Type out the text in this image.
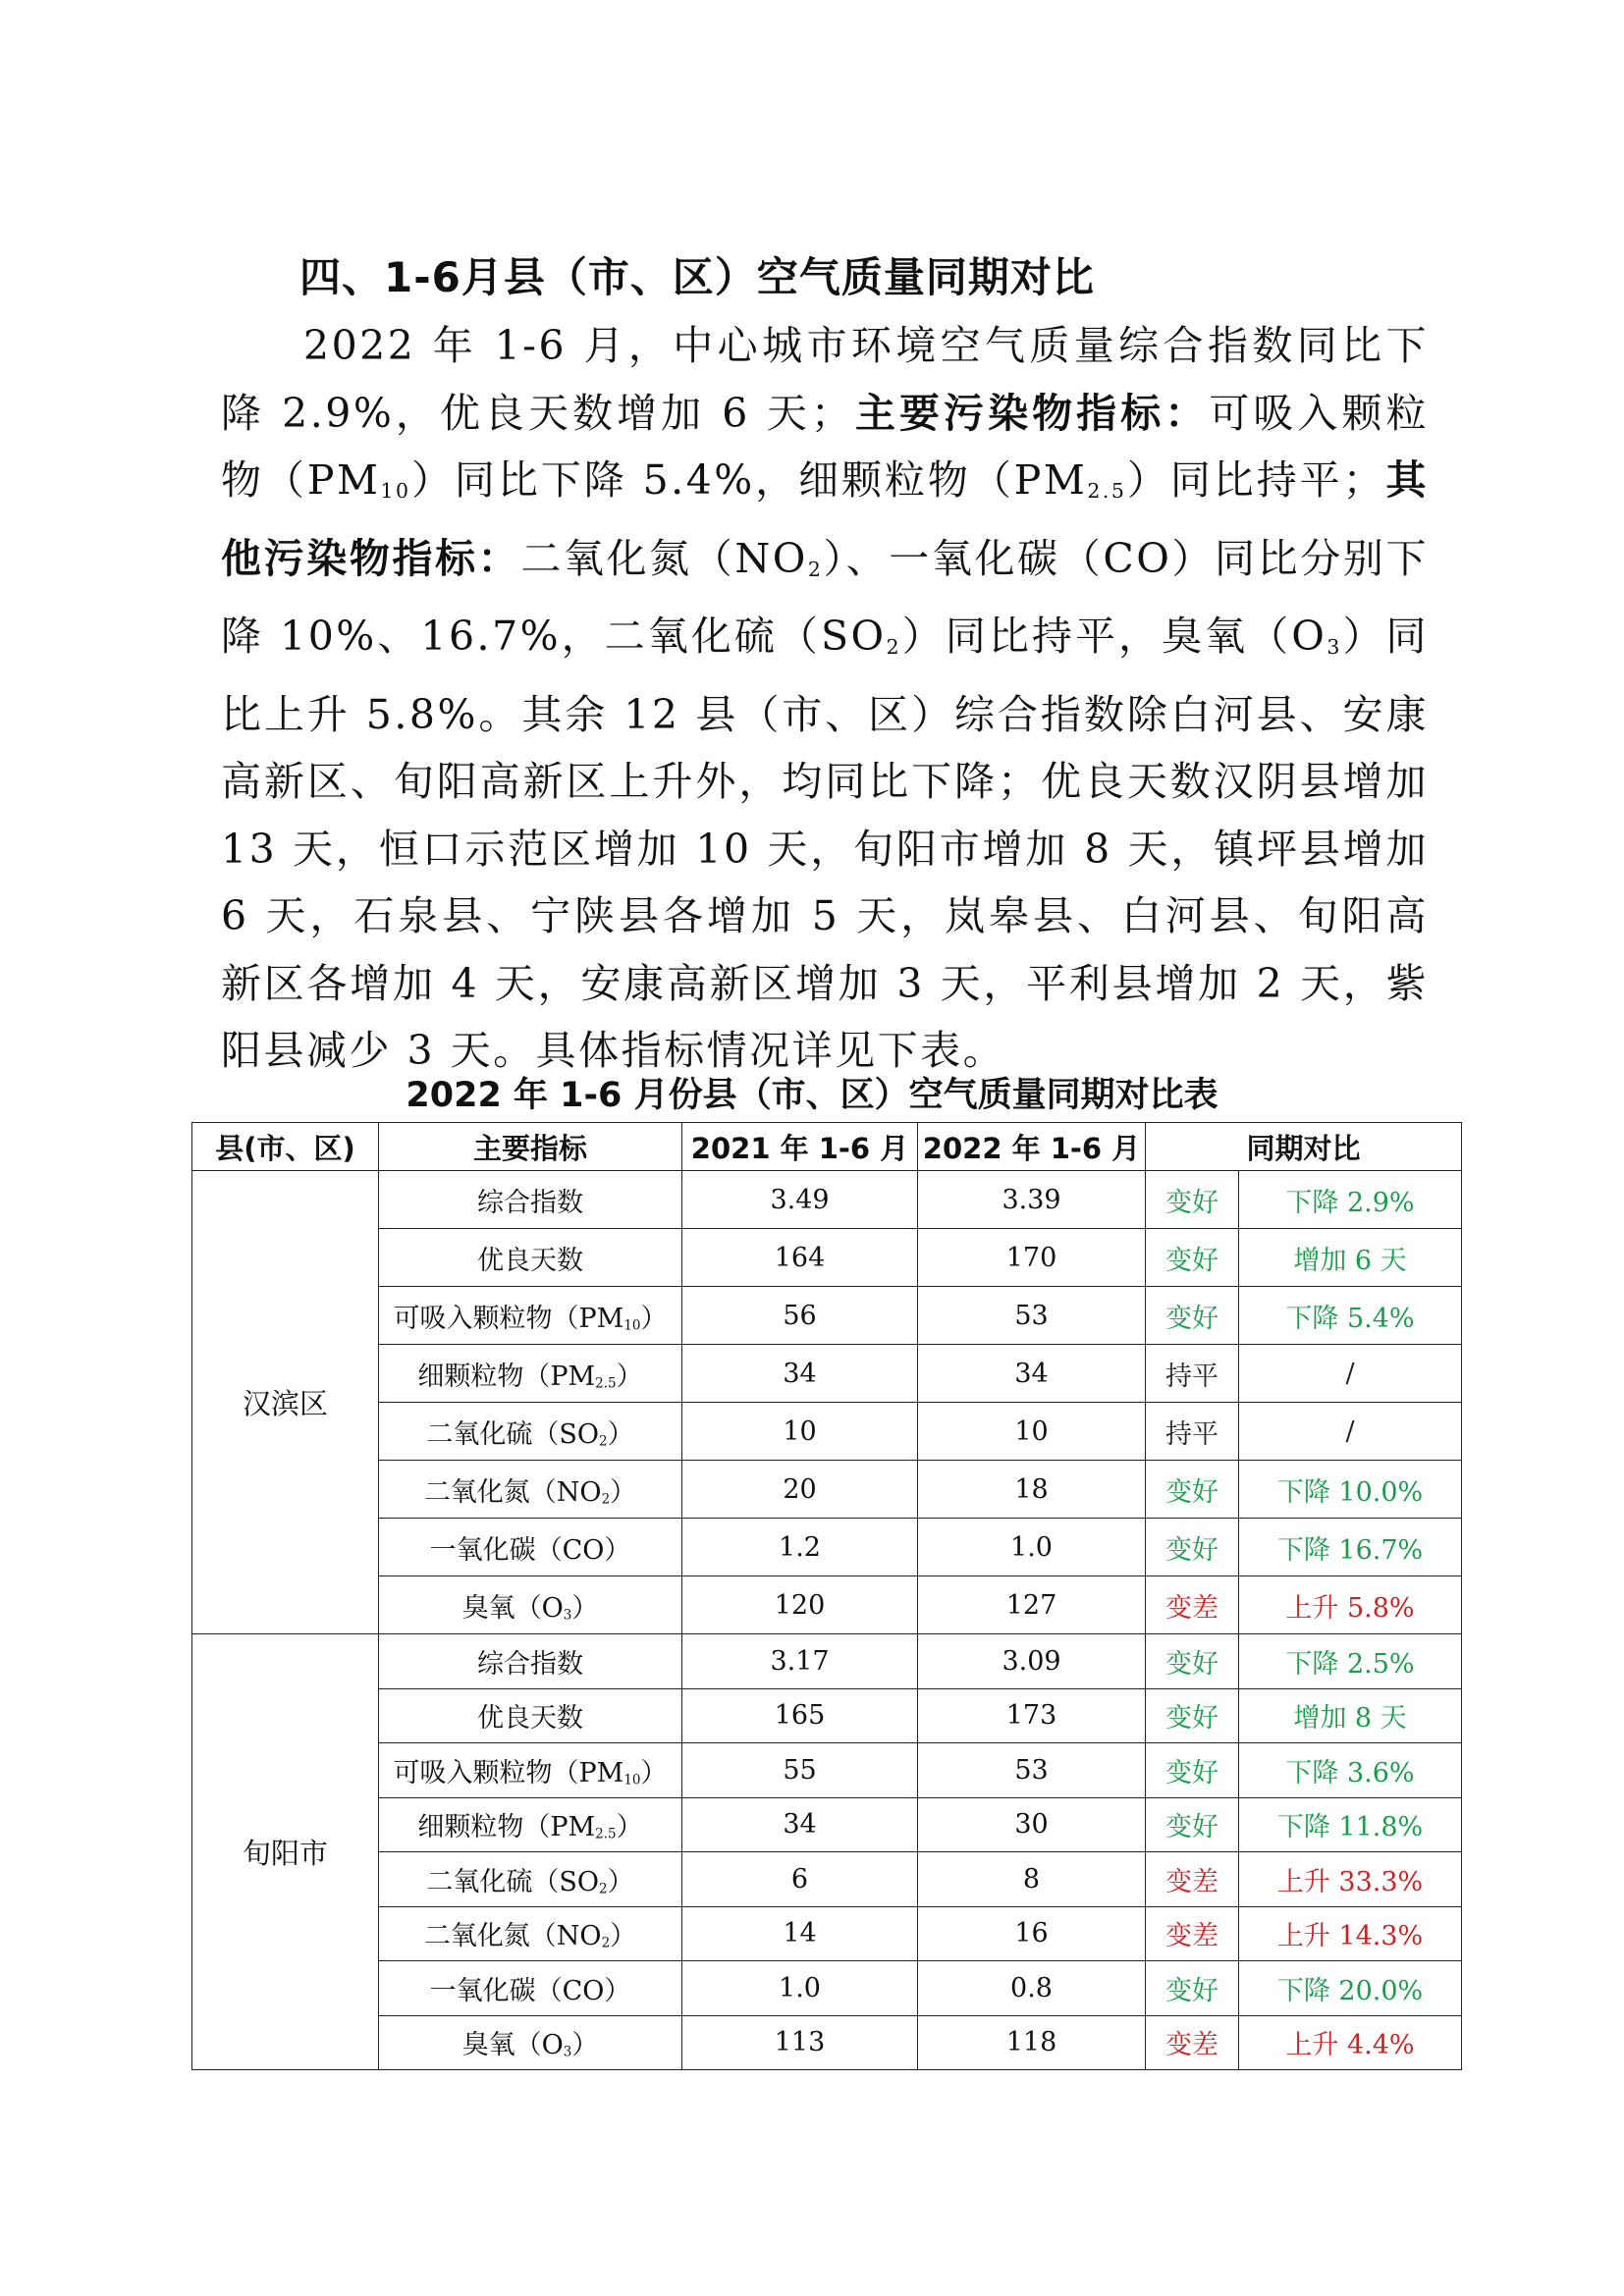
四、1-6月县（市、区）空气质量同期对比

2022 年 1-6 月，中心城市环境空气质量综合指数同比下降 2.9%，优良天数增加 6 天；主要污染物指标：可吸入颗粒物$(PM_{10})$同比下降 5.4%，细颗粒物$(PM_{2.5})$同比持平；其他污染物指标：二氧化氮$(NO_2)$、一氧化碳（CO）同比分别下降 10%、16.7%，二氧化硫$(SO_2)$同比持平，臭氧$(O_3)$同比上升 5.8%。其余 12 县（市、区）综合指数除白河县、安康高新区、旬阳高新区上升外，均同比下降；优良天数汉阴县增加 13 天，恒口示范区增加 10 天，旬阳市增加 8 天，镇坪县增加 6 天，石泉县、宁陕县各增加 5 天，岚皋县、白河县、旬阳高新区各增加 4 天，安康高新区增加 3 天，平利县增加 2 天，紫阳县减少 3 天。具体指标情况详见下表。

2022 年 1-6 月份县（市、区）空气质量同期对比表
县(市、区)	主要指标	2021 年 1-6 月	2022 年 1-6 月	同期对比	
汉滨区	综合指数	3.49	3.39	变好	下降 2.9%
	优良天数	164	170	变好	增加 6 天
	可吸入颗粒物$(PM_{10})$	56	53	变好	下降 5.4%
	细颗粒物$(PM_{2.5})$	34	34	持平	/
	二氧化硫$(SO_2)$	10	10	持平	/
	二氧化氮$(NO_2)$	20	18	变好	下降 10.0%
	一氧化碳（CO）	1.2	1.0	变好	下降 16.7%
	臭氧$(O_3)$	120	127	变差	上升 5.8%
旬阳市	综合指数	3.17	3.09	变好	下降 2.5%
	优良天数	165	173	变好	增加 8 天
	可吸入颗粒物$(PM_{10})$	55	53	变好	下降 3.6%
	细颗粒物$(PM_{2.5})$	34	30	变好	下降 11.8%
	二氧化硫$(SO_2)$	6	8	变差	上升 33.3%
	二氧化氮$(NO_2)$	14	16	变差	上升 14.3%
	一氧化碳（CO）	1.0	0.8	变好	下降 20.0%
	臭氧$(O_3)$	113	118	变差	上升 4.4%
